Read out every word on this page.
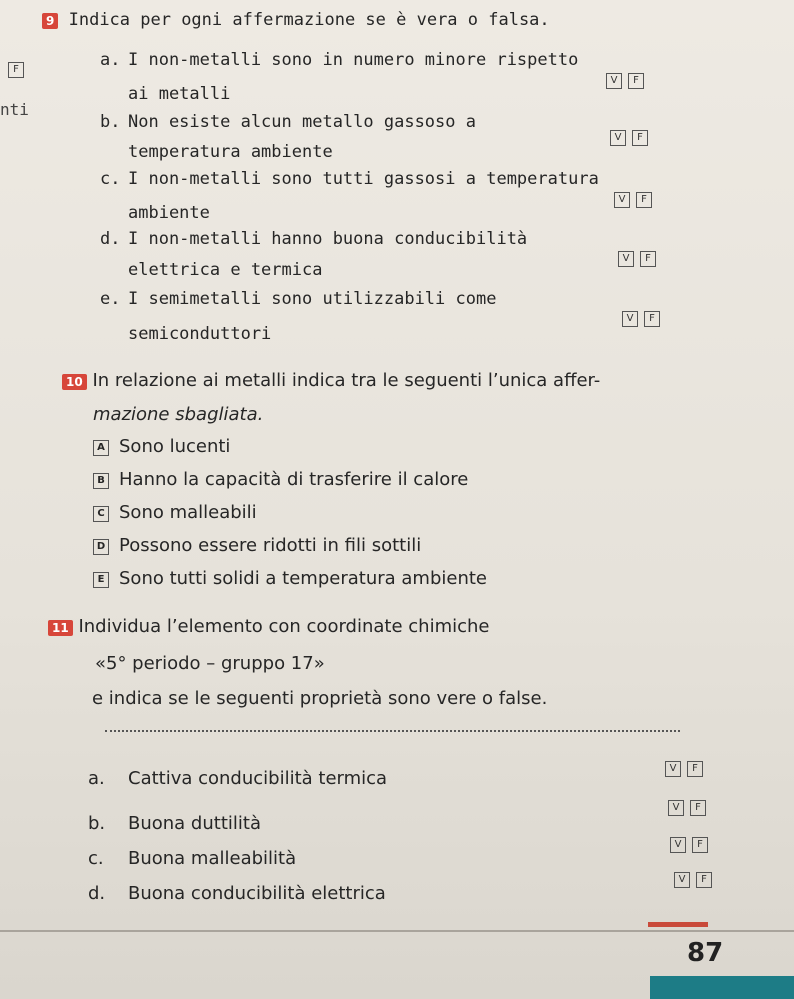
F
nti
9 Indica per ogni affermazione se è vera o falsa.
a. I non-metalli sono in numero minore rispetto
ai metalli
V	F
b. Non esiste alcun metallo gassoso a
temperatura ambiente
V	F
c. I non-metalli sono tutti gassosi a temperatura
ambiente
V	F
d. I non-metalli hanno buona conducibilità
elettrica e termica
V	F
e. I semimetalli sono utilizzabili come
semiconduttori
V	F
10 In relazione ai metalli indica tra le seguenti l’unica affer-
mazione sbagliata.
A Sono lucenti
B Hanno la capacità di trasferire il calore
C Sono malleabili
D Possono essere ridotti in fili sottili
E Sono tutti solidi a temperatura ambiente
11 Individua l’elemento con coordinate chimiche
«5° periodo – gruppo 17»
e indica se le seguenti proprietà sono vere o false.
a. Cattiva conducibilità termica	V	F
b. Buona duttilità
V	F
c. Buona malleabilità
V	F
d. Buona conducibilità elettrica
V	F
87
